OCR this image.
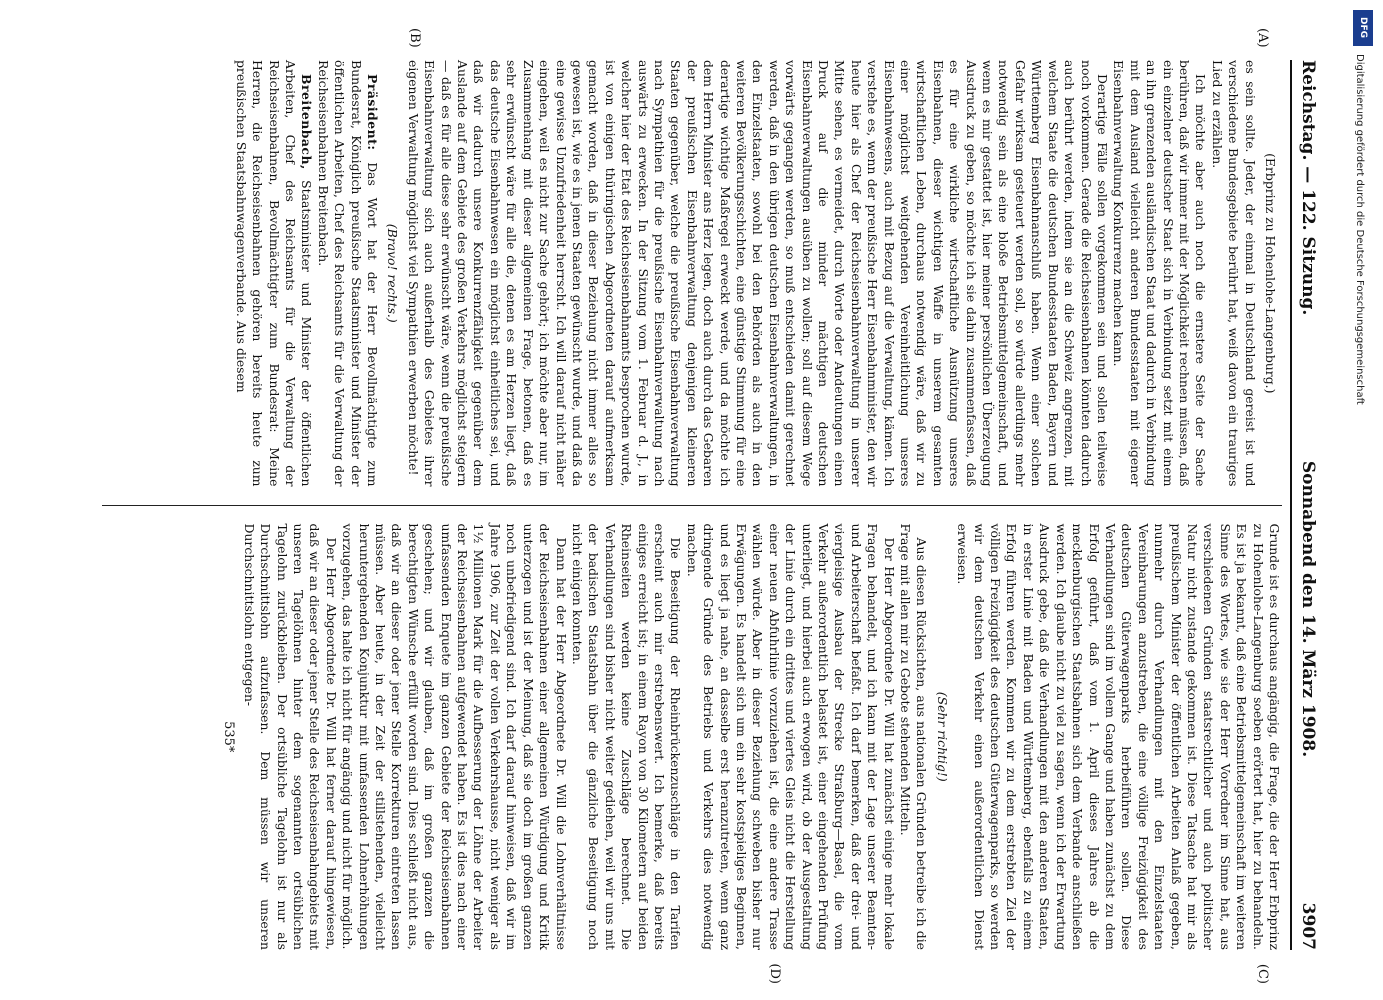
Reichstag. — 122. Sitzung.
Sonnabend den 14. März 1908.
3907
(A)
(B)

(Erbprinz zu Hohenlohe-Langenburg.)

es sein sollte. Jeder, der einmal in Deutschland gereist ist und verschiedene Bundesgebiete berührt hat, weiß davon ein trauriges Lied zu erzählen.

Ich möchte aber auch noch die ernstere Seite der Sache berühren, daß wir immer mit der Möglichkeit rechnen müssen, daß ein einzelner deutscher Staat sich in Verbindung setzt mit einem an ihn grenzenden ausländischen Staat und dadurch in Verbindung mit dem Ausland vielleicht anderen Bundesstaaten mit eigener Eisenbahnverwaltung Konkurrenz machen kann.

Derartige Fälle sollen vorgekommen sein und sollen teilweise noch vorkommen. Gerade die Reichseisenbahnen könnten dadurch auch berührt werden, indem sie an die Schweiz angrenzen, mit welchem Staate die deutschen Bundesstaaten Baden, Bayern und Württemberg Eisenbahnanschluß haben. Wenn einer solchen Gefahr wirksam gesteuert werden soll, so würde allerdings mehr notwendig sein als eine bloße Betriebsmittelgemeinschaft, und wenn es mir gestattet ist, hier meiner persönlichen Überzeugung Ausdruck zu geben, so möchte ich sie dahin zusammenfassen, daß es für eine wirkliche wirtschaftliche Ausnützung unseres Eisenbahnen, dieser wichtigen Waffe in unserem gesamten wirtschaftlichen Leben, durchaus notwendig wäre, daß wir zu einer möglichst weitgehenden Vereinheitlichung unseres Eisenbahnwesens, auch mit Bezug auf die Verwaltung, kämen. Ich verstehe es, wenn der preußische Herr Eisenbahnminister, den wir heute hier als Chef der Reichseisenbahnverwaltung in unserer Mitte sehen, es vermeidet, durch Worte oder Andeutungen einen Druck auf die minder mächtigen deutschen Eisenbahnverwaltungen ausüben zu wollen; soll auf diesem Wege vorwärts gegangen werden, so muß entschieden damit gerechnet werden, daß in den übrigen deutschen Eisenbahnverwaltungen, in den Einzelstaaten, sowohl bei den Behörden als auch in den weiteren Bevölkerungsschichten, eine günstige Stimmung für eine derartige wichtige Maßregel erweckt werde, und da möchte ich dem Herrn Minister ans Herz legen, doch auch durch das Gebaren der preußischen Eisenbahnverwaltung denjenigen kleineren Staaten gegenüber, welche die preußische Eisenbahnverwaltung nach Sympathien für die preußische Eisenbahnverwaltung nach auswärts zu erwecken. In der Sitzung vom 1. Februar d. J., in welcher hier der Etat des Reichseisenbahnamts besprochen wurde, ist von einigen thüringischen Abgeordneten darauf aufmerksam gemacht worden, daß in dieser Beziehung nicht immer alles so gewesen ist, wie es in jenen Staaten gewünscht wurde, und daß da eine gewisse Unzufriedenheit herrscht. Ich will darauf nicht näher eingehen, weil es nicht zur Sache gehört; ich möchte aber nur, im Zusammenhang mit dieser allgemeinen Frage, betonen, daß es sehr erwünscht wäre für alle die, denen es am Herzen liegt, daß das deutsche Eisenbahnwesen ein möglichst einheitliches sei, und daß wir dadurch unsere Konkurrenzfähigkeit gegenüber dem Auslande auf dem Gebiete des großen Verkehrs möglichst steigern — daß es für alle diese sehr erwünscht wäre, wenn die preußische Eisenbahnverwaltung sich auch außerhalb des Gebietes ihrer eigenen Verwaltung möglichst viel Sympathien erwerben möchte!

(Bravo! rechts.)

Präsident: Das Wort hat der Herr Bevollmächtigte zum Bundesrat, Königlich preußische Staatsminister und Minister der öffentlichen Arbeiten, Chef des Reichsamts für die Verwaltung der Reichseisenbahnen Breitenbach.

Breitenbach, Staatsminister und Minister der öffentlichen Arbeiten, Chef des Reichsamts für die Verwaltung der Reichseisenbahnen, Bevollmächtigter zum Bundesrat: Meine Herren, die Reichseisenbahnen gehören bereits heute zum preußischen Staatsbahnwagenverbande. Aus diesem

(C)
(D)

Grunde ist es durchaus angängig, die Frage, die der Herr Erbprinz zu Hohenlohe-Langenburg soeben erörtert hat, hier zu behandeln. Es ist ja bekannt, daß eine Betriebsmittelgemeinschaft im weiteren Sinne des Wortes, wie sie der Herr Vorredner im Sinne hat, aus verschiedenen Gründen staatsrechtlicher und auch politischer Natur nicht zustande gekommen ist. Diese Tatsache hat mir als preußischem Minister der öffentlichen Arbeiten Anlaß gegeben, nunmehr durch Verhandlungen mit den Einzelstaaten Vereinbarungen anzustreben, die eine völlige Freizügigkeit des deutschen Güterwagenparks herbeiführen sollen. Diese Verhandlungen sind im vollem Gange und haben zunächst zu dem Erfolg geführt, daß vom 1. April dieses Jahres ab die mecklenburgischen Staatsbahnen sich dem Verbande anschließen werden. Ich glaube nicht zu viel zu sagen, wenn ich der Erwartung Ausdruck gebe, daß die Verhandlungen mit den anderen Staaten, in erster Linie mit Baden und Württemberg, ebenfalls zu einem Erfolg führen werden. Kommen wir zu dem erstrebten Ziel der völligen Freizügigkeit des deutschen Güterwagenparks, so werden wir dem deutschen Verkehr einen außerordentlichen Dienst erweisen.

(Sehr richtig!)

Aus diesen Rücksichten, aus nationalen Gründen betreibe ich die Frage mit allen mir zu Gebote stehenden Mitteln.

Der Herr Abgeordnete Dr. Will hat zunächst einige mehr lokale Fragen behandelt, und ich kann mit der Lage unserer Beamten- und Arbeiterschaft befaßt. Ich darf bemerken, daß der drei- und viergleisige Ausbau der Strecke Straßburg—Basel, die vom Verkehr außerordentlich belastet ist, einer eingehenden Prüfung unterliegt, und hierbei auch erwogen wird, ob der Ausgestaltung der Linie durch ein drittes und viertes Gleis nicht die Herstellung einer neuen Abfuhrlinie vorzuziehen ist, die eine andere Trasse wählen würde. Aber in dieser Beziehung schweben bisher nur Erwägungen. Es handelt sich um ein sehr kostspieliges Beginnen, und es liegt ja nahe, an dasselbe erst heranzutreten, wenn ganz dringende Gründe des Betriebs und Verkehrs dies notwendig machen.

Die Beseitigung der Rheinbrückenzuschläge in den Tarifen erscheint auch mir erstrebenswert. Ich bemerke, daß bereits einiges erreicht ist; in einem Rayon von 30 Kilometern auf beiden Rheinseiten werden keine Zuschläge berechnet. Die Verhandlungen sind bisher nicht weiter gediehen, weil wir uns mit der badischen Staatsbahn über die gänzliche Beseitigung noch nicht einigen konnten.

Dann hat der Herr Abgeordnete Dr. Will die Lohnverhältnisse der Reichseisenbahnen einer allgemeinen Würdigung und Kritik unterzogen und ist der Meinung, daß sie doch im großen ganzen noch unbefriedigend sind. Ich darf darauf hinweisen, daß wir im Jahre 1906, zur Zeit der vollen Verkehrshausse, nicht weniger als 1½ Millionen Mark für die Aufbesserung der Löhne der Arbeiter der Reichseisenbahnen aufgewendet haben. Es ist dies nach einer umfassenden Enquete im ganzen Gebiete der Reichseisenbahnen geschehen; und wir glauben, daß im großen ganzen die berechtigten Wünsche erfüllt worden sind. Dies schließt nicht aus, daß wir an dieser oder jener Stelle Korrekturen eintreten lassen müssen. Aber heute, in der Zeit der stillstehenden, vielleicht heruntergehenden Konjunktur mit umfassenden Lohnerhöhungen vorzugehen, das halte ich nicht für angängig und nicht für möglich.

Der Herr Abgeordnete Dr. Will hat ferner darauf hingewiesen, daß wir an dieser oder jener Stelle des Reichseisenbahngebiets mit unseren Tagelöhnen hinter dem sogenannten ortsüblichen Tagelohn zurückbleiben. Der ortsübliche Tagelohn ist nur als Durchschnittslohn aufzufassen. Dem müssen wir unseren Durchschnittslohn entgegen-

535*
DFG
Digitalisierung gefördert durch die Deutsche Forschungsgemeinschaft
